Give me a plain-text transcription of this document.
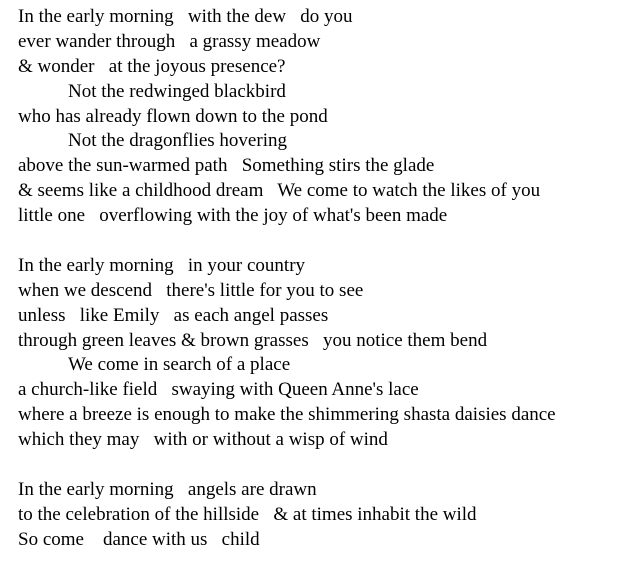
In the early morning   with the dew   do you
ever wander through   a grassy meadow
& wonder   at the joyous presence?
Not the redwinged blackbird
who has already flown down to the pond
Not the dragonflies hovering
above the sun-warmed path   Something stirs the glade
& seems like a childhood dream   We come to watch the likes of you
little one   overflowing with the joy of what's been made
In the early morning   in your country
when we descend   there's little for you to see
unless   like Emily   as each angel passes
through green leaves & brown grasses   you notice them bend
We come in search of a place
a church-like field   swaying with Queen Anne's lace
where a breeze is enough to make the shimmering shasta daisies dance
which they may   with or without a wisp of wind
In the early morning   angels are drawn
to the celebration of the hillside   & at times inhabit the wild
So come    dance with us   child
